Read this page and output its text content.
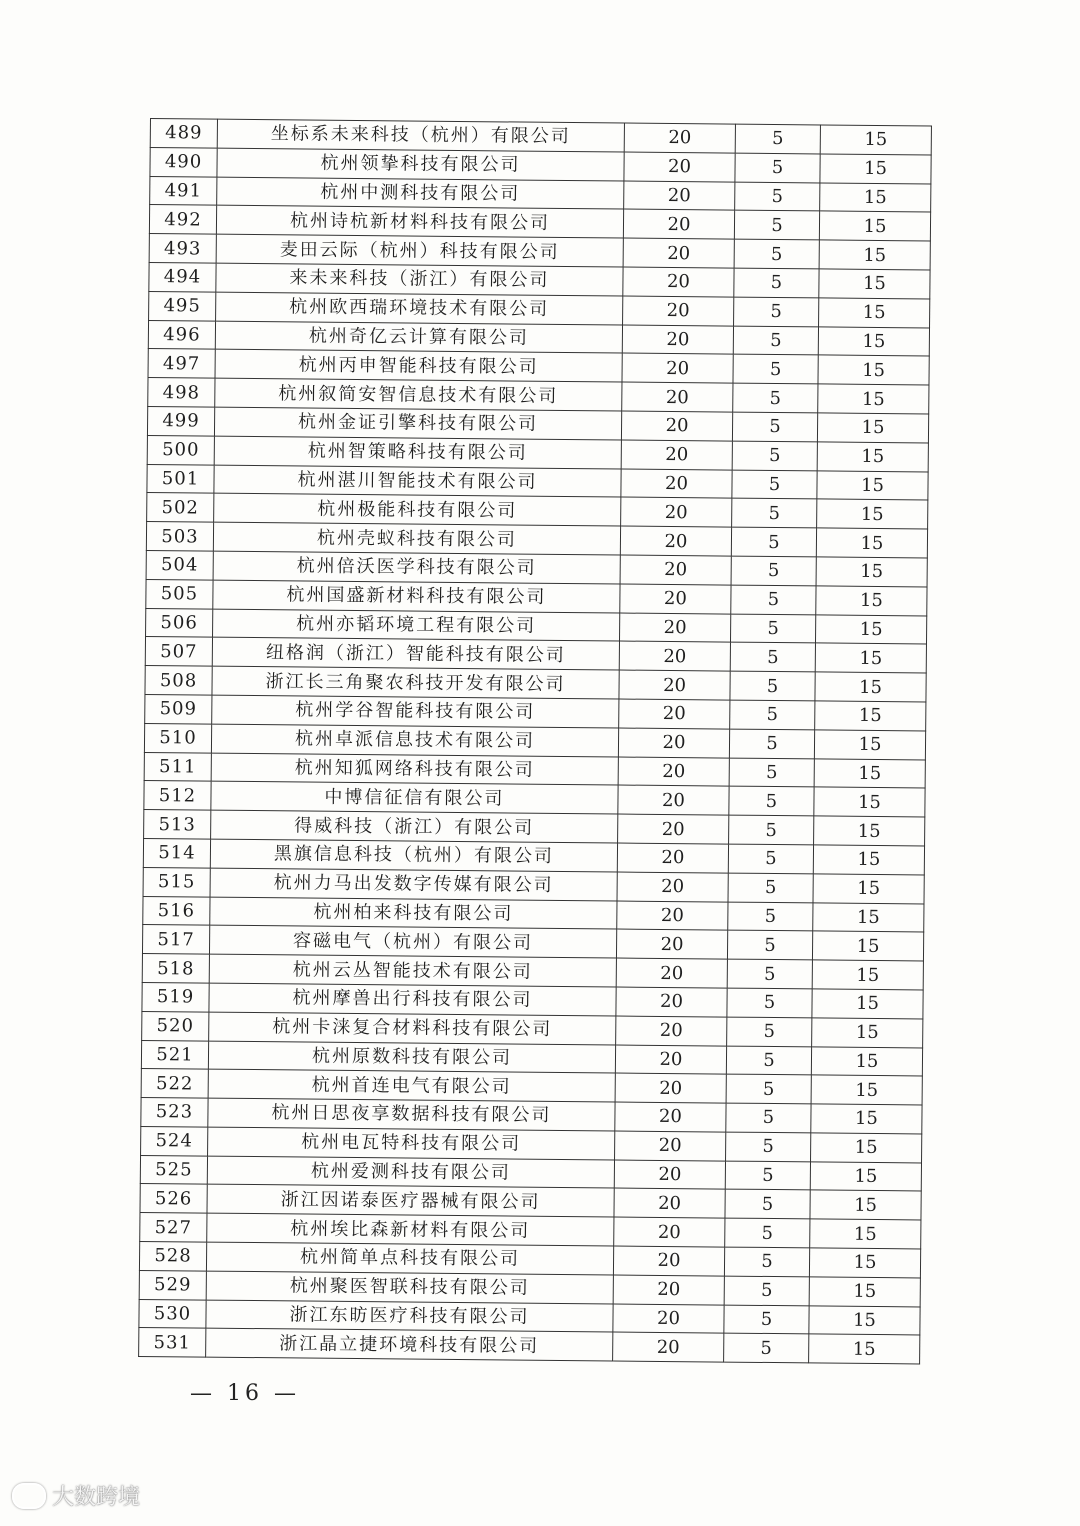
489	坐标系未来科技（杭州）有限公司	20	5	15
490	杭州领挚科技有限公司	20	5	15
491	杭州中测科技有限公司	20	5	15
492	杭州诗杭新材料科技有限公司	20	5	15
493	麦田云际（杭州）科技有限公司	20	5	15
494	来未来科技（浙江）有限公司	20	5	15
495	杭州欧西瑞环境技术有限公司	20	5	15
496	杭州奇亿云计算有限公司	20	5	15
497	杭州丙申智能科技有限公司	20	5	15
498	杭州叙简安智信息技术有限公司	20	5	15
499	杭州金证引擎科技有限公司	20	5	15
500	杭州智策略科技有限公司	20	5	15
501	杭州湛川智能技术有限公司	20	5	15
502	杭州极能科技有限公司	20	5	15
503	杭州壳蚁科技有限公司	20	5	15
504	杭州倍沃医学科技有限公司	20	5	15
505	杭州国盛新材料科技有限公司	20	5	15
506	杭州亦韬环境工程有限公司	20	5	15
507	纽格润（浙江）智能科技有限公司	20	5	15
508	浙江长三角聚农科技开发有限公司	20	5	15
509	杭州学谷智能科技有限公司	20	5	15
510	杭州卓派信息技术有限公司	20	5	15
511	杭州知狐网络科技有限公司	20	5	15
512	中博信征信有限公司	20	5	15
513	得威科技（浙江）有限公司	20	5	15
514	黑旗信息科技（杭州）有限公司	20	5	15
515	杭州力马出发数字传媒有限公司	20	5	15
516	杭州柏来科技有限公司	20	5	15
517	容磁电气（杭州）有限公司	20	5	15
518	杭州云丛智能技术有限公司	20	5	15
519	杭州摩兽出行科技有限公司	20	5	15
520	杭州卡涞复合材料科技有限公司	20	5	15
521	杭州原数科技有限公司	20	5	15
522	杭州首连电气有限公司	20	5	15
523	杭州日思夜享数据科技有限公司	20	5	15
524	杭州电瓦特科技有限公司	20	5	15
525	杭州爱测科技有限公司	20	5	15
526	浙江因诺泰医疗器械有限公司	20	5	15
527	杭州埃比森新材料有限公司	20	5	15
528	杭州简单点科技有限公司	20	5	15
529	杭州聚医智联科技有限公司	20	5	15
530	浙江东昉医疗科技有限公司	20	5	15
531	浙江晶立捷环境科技有限公司	20	5	15
— 16 —
大数跨境
